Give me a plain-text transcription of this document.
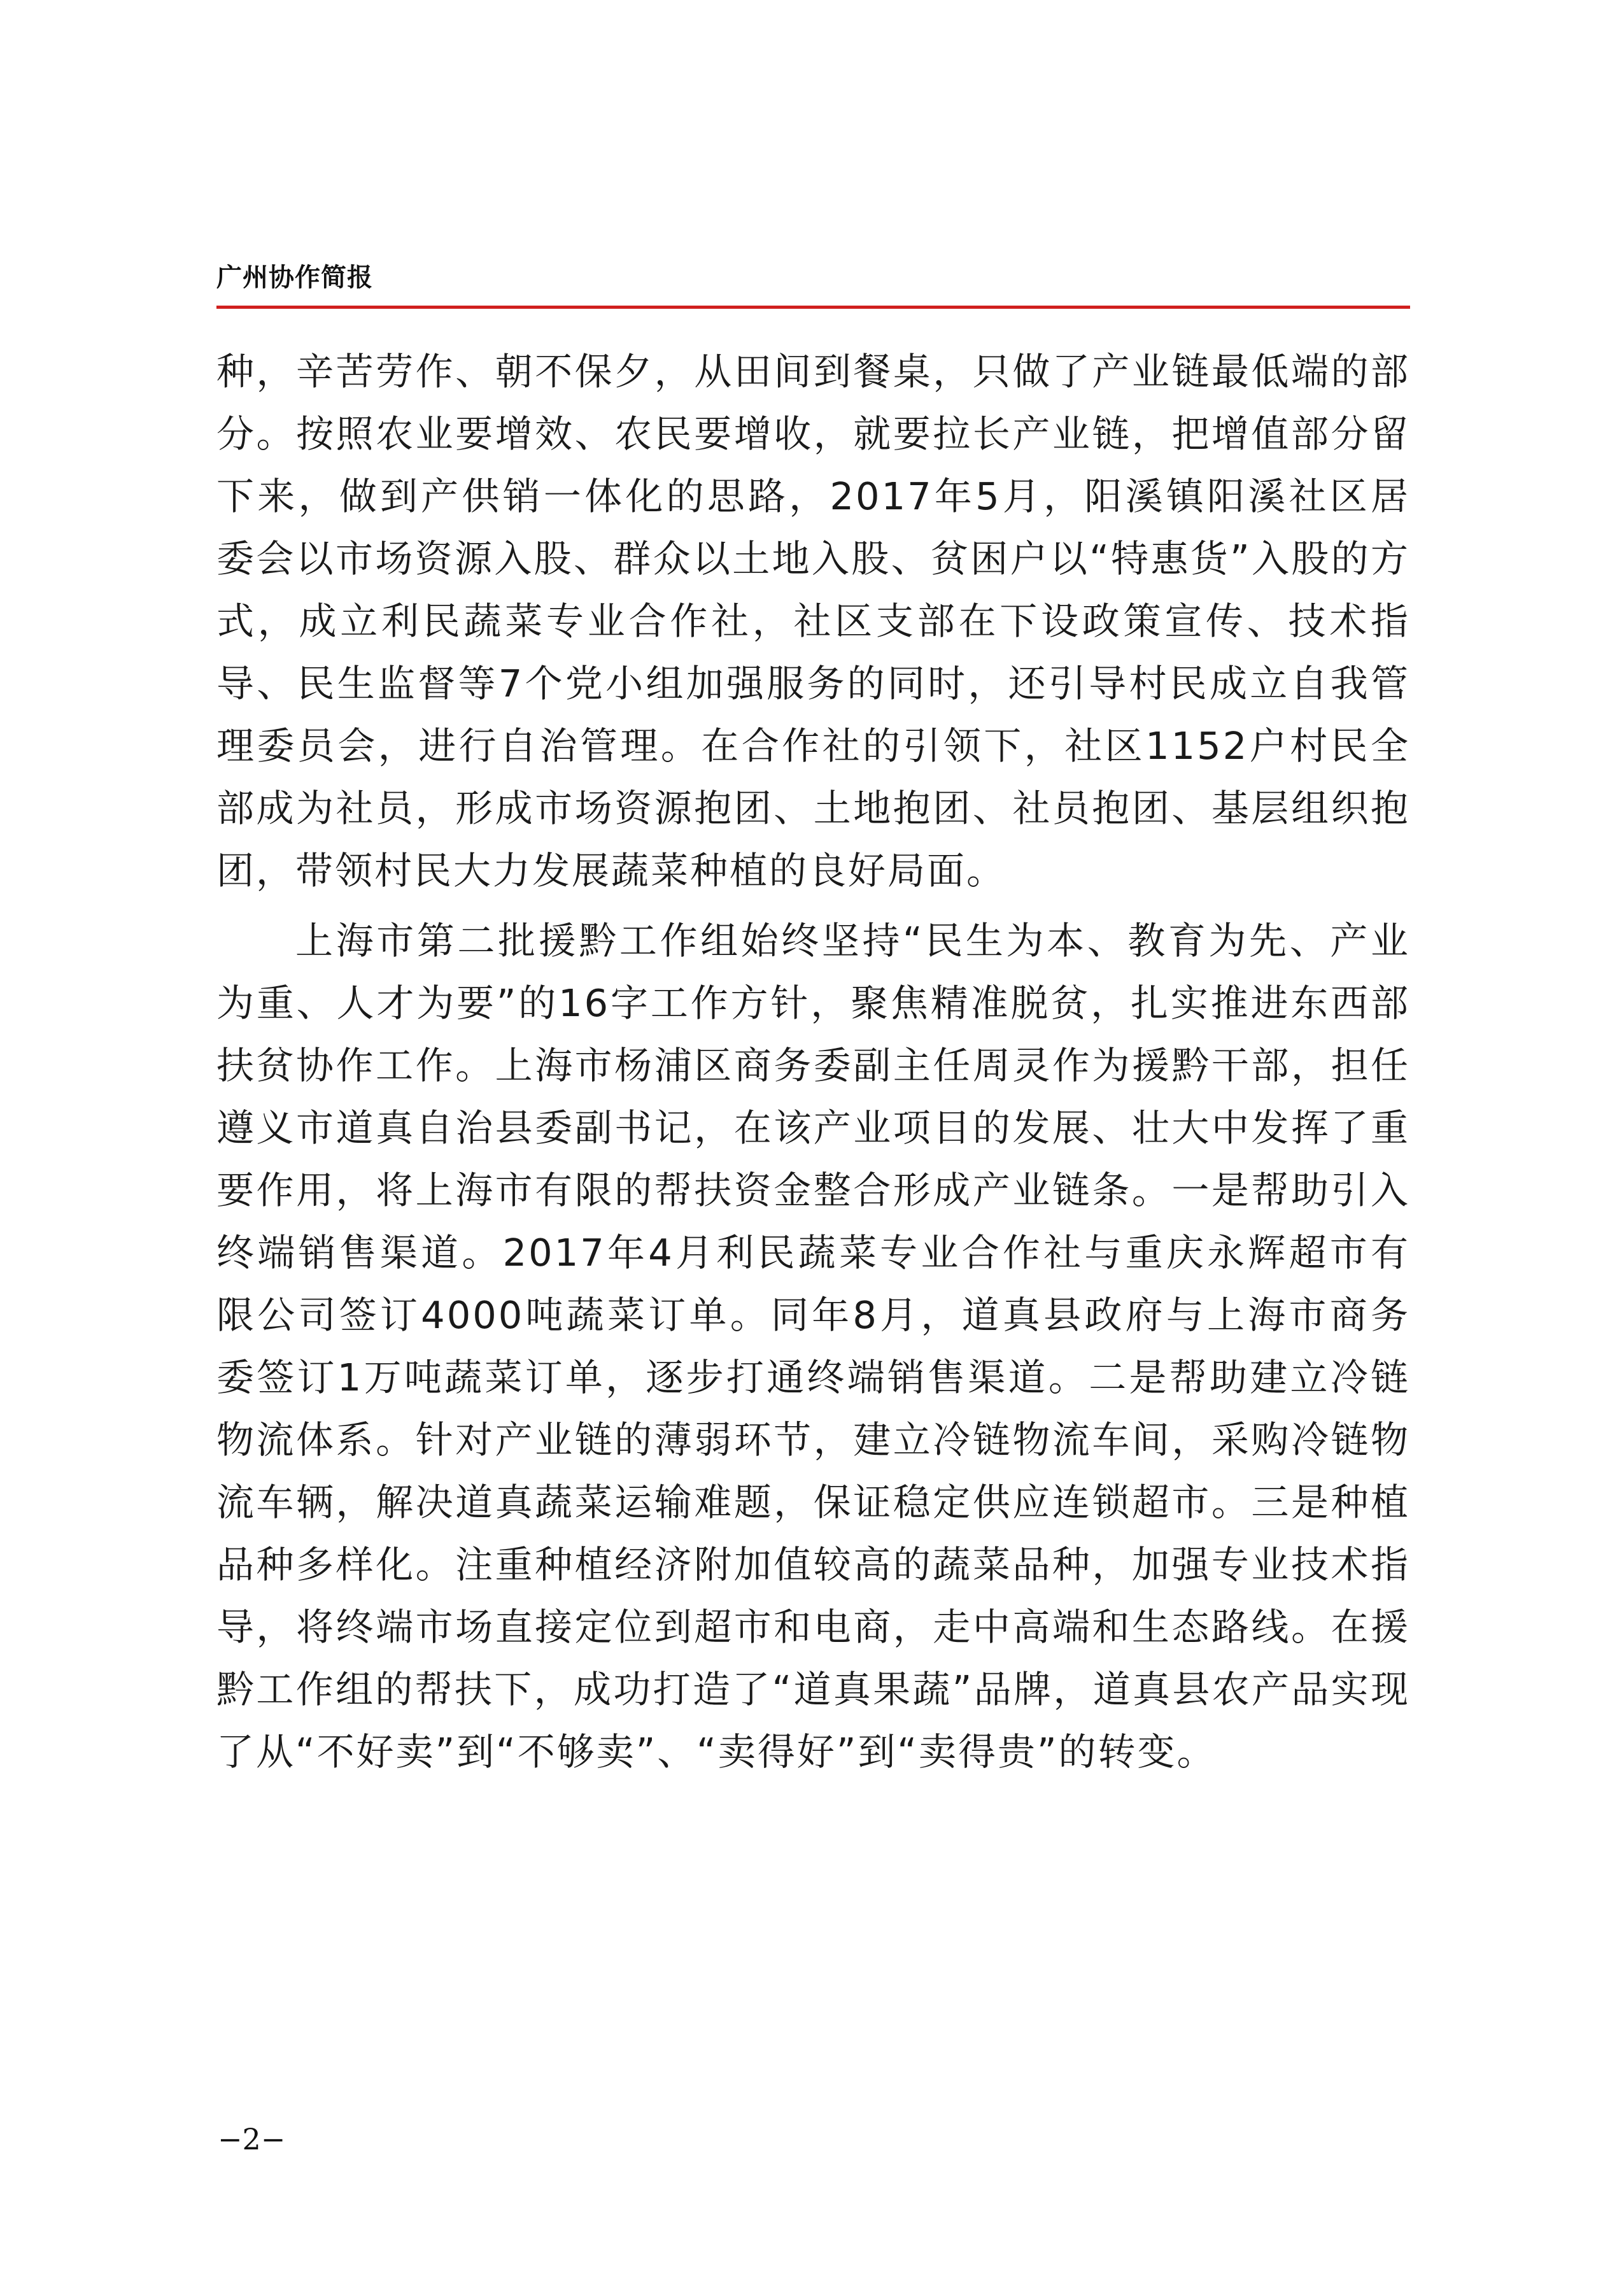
广州协作简报

种，辛苦劳作、朝不保夕，从田间到餐桌，只做了产业链最低端的部分。按照农业要增效、农民要增收，就要拉长产业链，把增值部分留下来，做到产供销一体化的思路，2017年5月，阳溪镇阳溪社区居委会以市场资源入股、群众以土地入股、贫困户以“特惠货”入股的方式，成立利民蔬菜专业合作社，社区支部在下设政策宣传、技术指导、民生监督等7个党小组加强服务的同时，还引导村民成立自我管理委员会，进行自治管理。在合作社的引领下，社区1152户村民全部成为社员，形成市场资源抱团、土地抱团、社员抱团、基层组织抱团，带领村民大力发展蔬菜种植的良好局面。

上海市第二批援黔工作组始终坚持“民生为本、教育为先、产业为重、人才为要”的16字工作方针，聚焦精准脱贫，扎实推进东西部扶贫协作工作。上海市杨浦区商务委副主任周灵作为援黔干部，担任遵义市道真自治县委副书记，在该产业项目的发展、壮大中发挥了重要作用，将上海市有限的帮扶资金整合形成产业链条。一是帮助引入终端销售渠道。2017年4月利民蔬菜专业合作社与重庆永辉超市有限公司签订4000吨蔬菜订单。同年8月，道真县政府与上海市商务委签订1万吨蔬菜订单，逐步打通终端销售渠道。二是帮助建立冷链物流体系。针对产业链的薄弱环节，建立冷链物流车间，采购冷链物流车辆，解决道真蔬菜运输难题，保证稳定供应连锁超市。三是种植品种多样化。注重种植经济附加值较高的蔬菜品种，加强专业技术指导，将终端市场直接定位到超市和电商，走中高端和生态路线。在援黔工作组的帮扶下，成功打造了“道真果蔬”品牌，道真县农产品实现了从“不好卖”到“不够卖”、“卖得好”到“卖得贵”的转变。

−2−
